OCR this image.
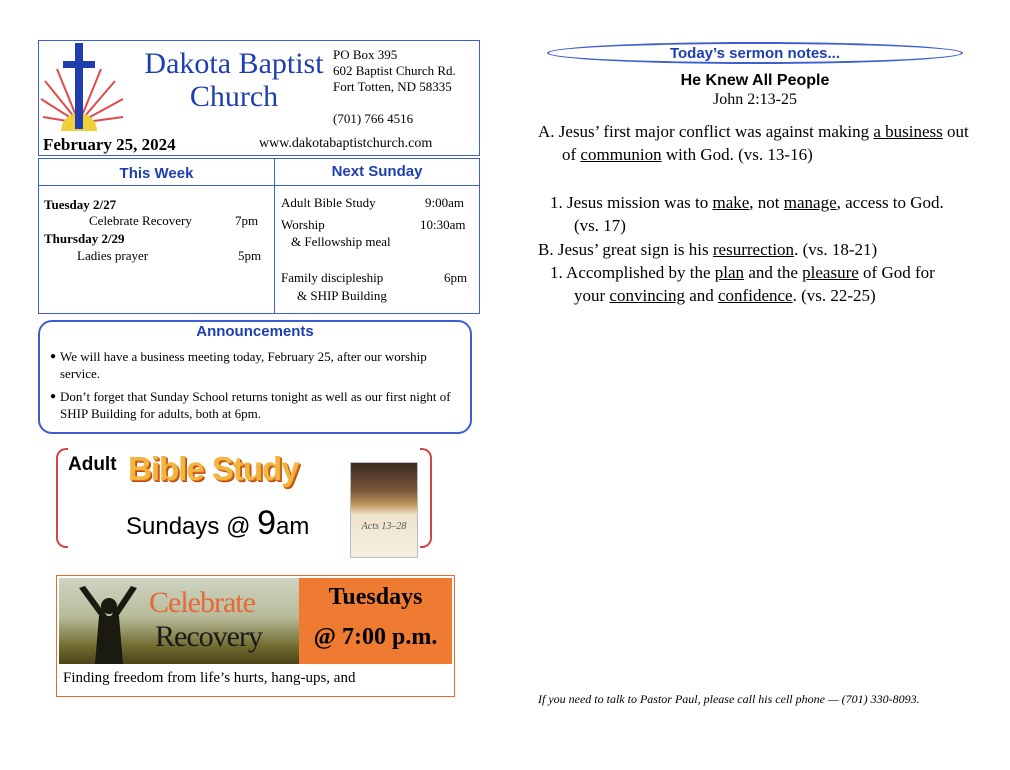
Dakota Baptist
Church
PO Box 395
602 Baptist Church Rd.
Fort Totten, ND 58335
(701) 766 4516
February 25, 2024	www.dakotabaptistchurch.com
This Week	Next Sunday
Tuesday 2/27
Celebrate Recovery	7pm
Thursday 2/29
Ladies prayer	5pm
Adult Bible Study	9:00am
Worship
& Fellowship meal
10:30am
Family discipleship
& SHIP Building
6pm
Announcements
● We will have a business meeting today, February 25, after our worship service.
● Don’t forget that Sunday School returns tonight as well as our first night of SHIP Building for adults, both at 6pm.
Adult Bible Study
Sundays @ 9am	Acts 13–28
Celebrate
Recovery
Tuesdays
@ 7:00 p.m.
Finding freedom from life’s hurts, hang-ups, and
Today’s sermon notes...
He Knew All People
John 2:13-25
A. Jesus’ first major conflict was against making a business out of communion with God. (vs. 13-16)
1. Jesus mission was to make, not manage, access to God. (vs. 17)
B. Jesus’ great sign is his resurrection. (vs. 18-21)
1. Accomplished by the plan and the pleasure of God for your convincing and confidence. (vs. 22-25)
If you need to talk to Pastor Paul, please call his cell phone — (701) 330-8093.
